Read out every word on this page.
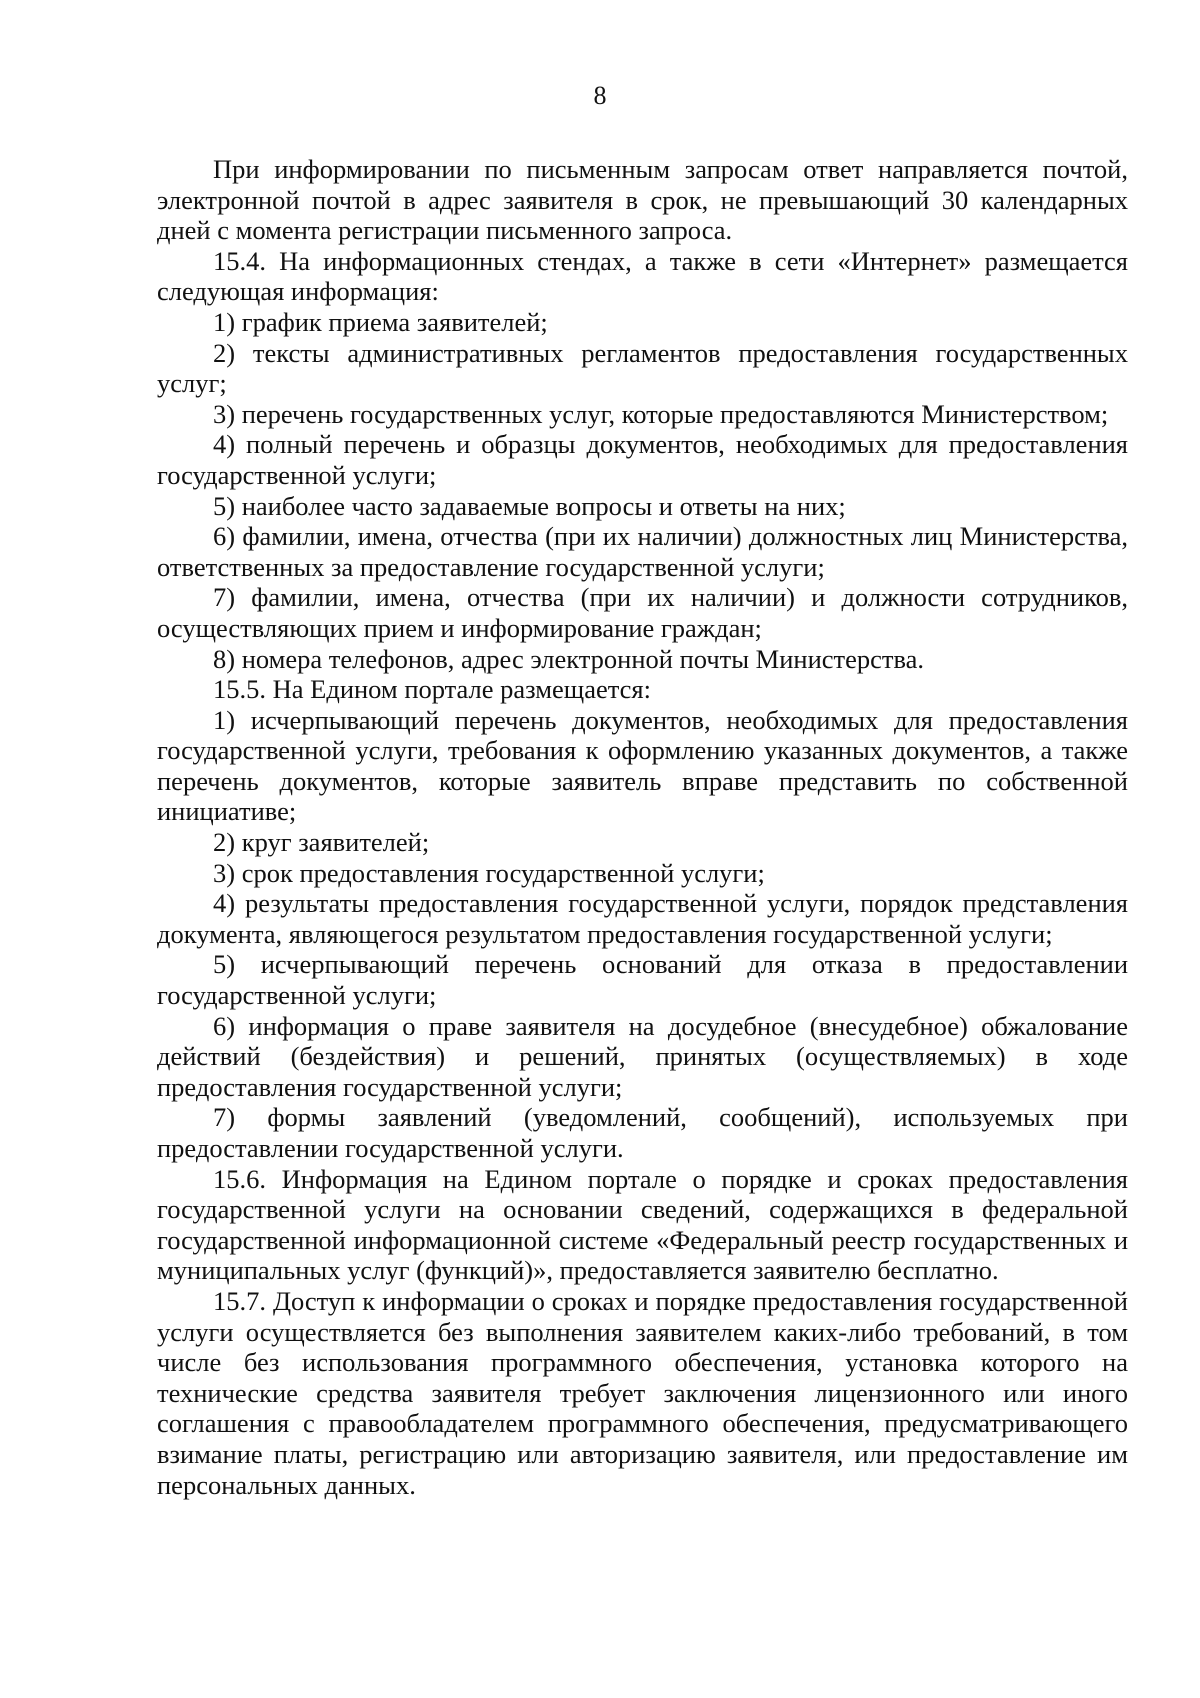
8

При информировании по письменным запросам ответ направляется почтой, электронной почтой в адрес заявителя в срок, не превышающий 30 календарных дней с момента регистрации письменного запроса.

15.4. На информационных стендах, а также в сети «Интернет» размещается следующая информация:

1) график приема заявителей;

2) тексты административных регламентов предоставления государственных услуг;

3) перечень государственных услуг, которые предоставляются Министерством;

4) полный перечень и образцы документов, необходимых для предоставления государственной услуги;

5) наиболее часто задаваемые вопросы и ответы на них;

6) фамилии, имена, отчества (при их наличии) должностных лиц Министерства, ответственных за предоставление государственной услуги;

7) фамилии, имена, отчества (при их наличии) и должности сотрудников, осуществляющих прием и информирование граждан;

8) номера телефонов, адрес электронной почты Министерства.

15.5. На Едином портале размещается:

1) исчерпывающий перечень документов, необходимых для предоставления государственной услуги, требования к оформлению указанных документов, а также перечень документов, которые заявитель вправе представить по собственной инициативе;

2) круг заявителей;

3) срок предоставления государственной услуги;

4) результаты предоставления государственной услуги, порядок представления документа, являющегося результатом предоставления государственной услуги;

5) исчерпывающий перечень оснований для отказа в предоставлении государственной услуги;

6) информация о праве заявителя на досудебное (внесудебное) обжалование действий (бездействия) и решений, принятых (осуществляемых) в ходе предоставления государственной услуги;

7) формы заявлений (уведомлений, сообщений), используемых при предоставлении государственной услуги.

15.6. Информация на Едином портале о порядке и сроках предоставления государственной услуги на основании сведений, содержащихся в федеральной государственной информационной системе «Федеральный реестр государственных и муниципальных услуг (функций)», предоставляется заявителю бесплатно.

15.7. Доступ к информации о сроках и порядке предоставления государственной услуги осуществляется без выполнения заявителем каких-либо требований, в том числе без использования программного обеспечения, установка которого на технические средства заявителя требует заключения лицензионного или иного соглашения с правообладателем программного обеспечения, предусматривающего взимание платы, регистрацию или авторизацию заявителя, или предоставление им персональных данных.
